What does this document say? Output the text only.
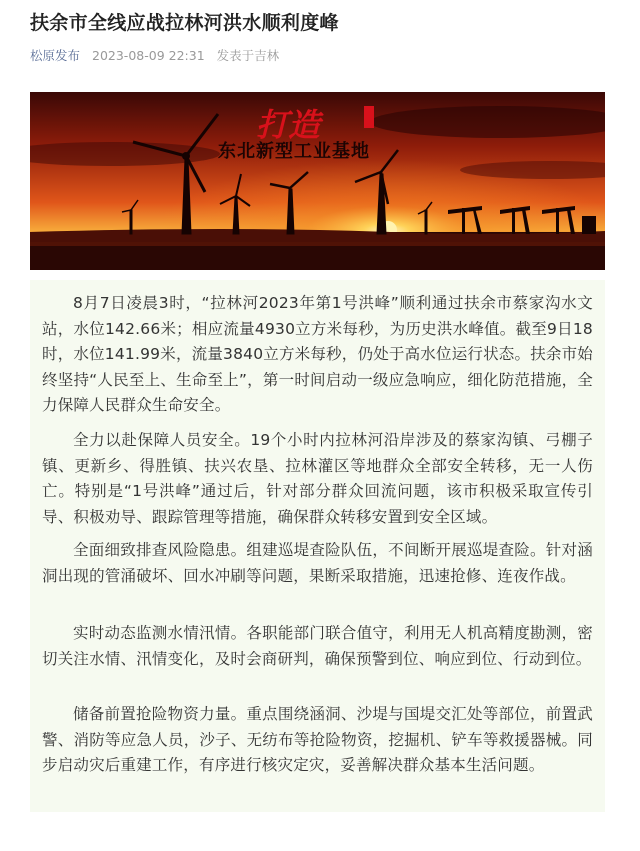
扶余市全线应战拉林河洪水顺利度峰
松原发布 2023-08-09 22:31 发表于吉林
打造
东北新型工业基地

8月7日凌晨3时，“拉林河2023年第1号洪峰”顺利通过扶余市蔡家沟水文站，水位142.66米；相应流量4930立方米每秒，为历史洪水峰值。截至9日18时，水位141.99米，流量3840立方米每秒，仍处于高水位运行状态。扶余市始终坚持“人民至上、生命至上”，第一时间启动一级应急响应，细化防范措施，全力保障人民群众生命安全。

全力以赴保障人员安全。19个小时内拉林河沿岸涉及的蔡家沟镇、弓棚子镇、更新乡、得胜镇、扶兴农垦、拉林灌区等地群众全部安全转移，无一人伤亡。特别是“1号洪峰”通过后，针对部分群众回流问题，该市积极采取宣传引导、积极劝导、跟踪管理等措施，确保群众转移安置到安全区域。

全面细致排查风险隐患。组建巡堤查险队伍，不间断开展巡堤查险。针对涵洞出现的管涌破坏、回水冲刷等问题，果断采取措施，迅速抢修、连夜作战。

实时动态监测水情汛情。各职能部门联合值守，利用无人机高精度勘测，密切关注水情、汛情变化，及时会商研判，确保预警到位、响应到位、行动到位。

储备前置抢险物资力量。重点围绕涵洞、沙堤与国堤交汇处等部位，前置武警、消防等应急人员，沙子、无纺布等抢险物资，挖掘机、铲车等救援器械。同步启动灾后重建工作，有序进行核灾定灾，妥善解决群众基本生活问题。
